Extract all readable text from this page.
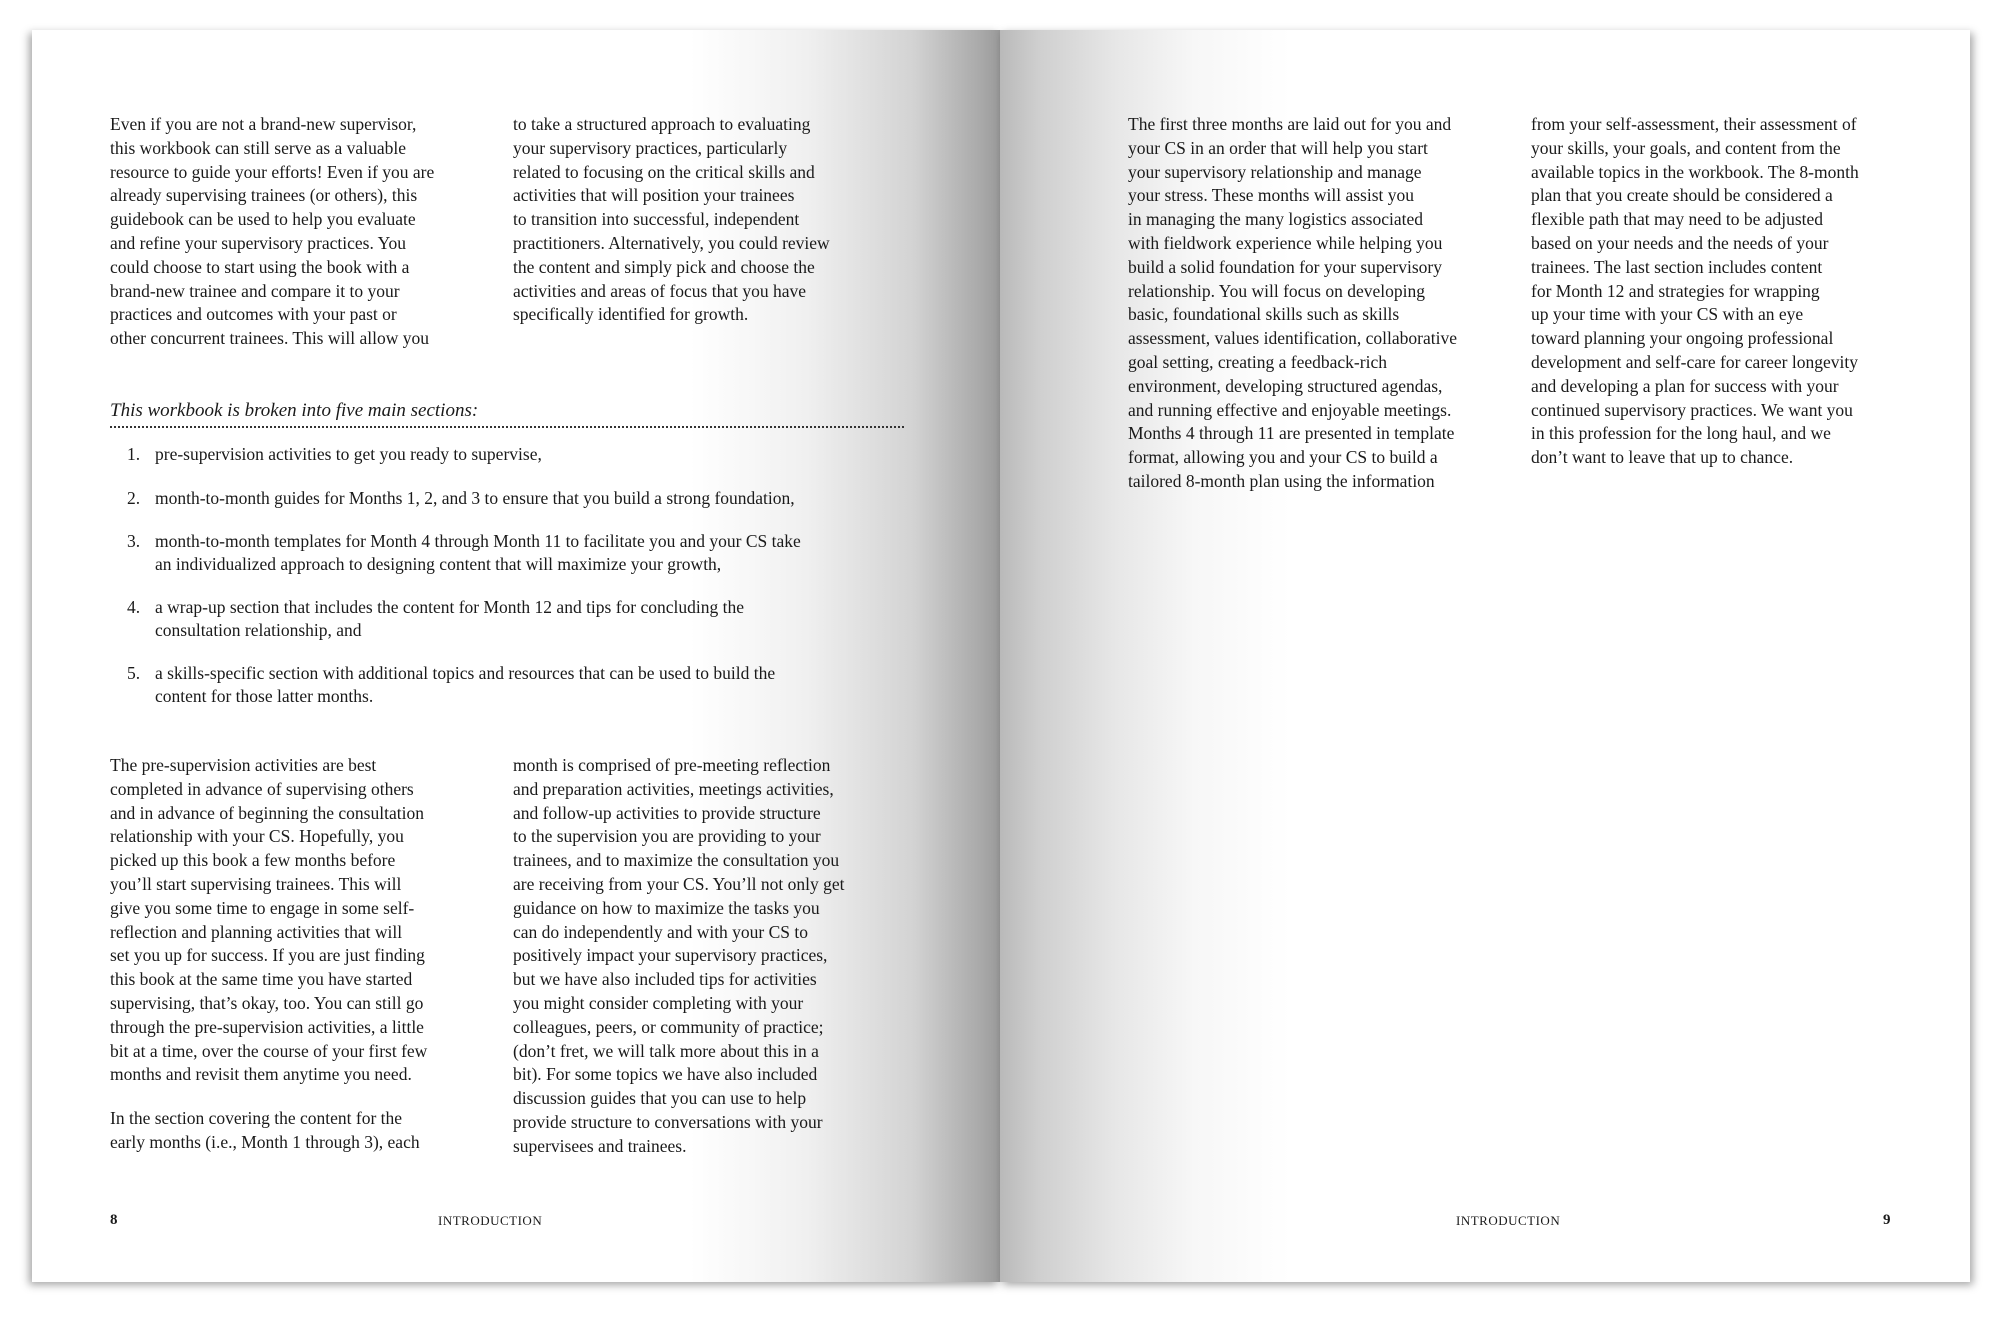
Even if you are not a brand-new supervisor,
this workbook can still serve as a valuable
resource to guide your efforts! Even if you are
already supervising trainees (or others), this
guidebook can be used to help you evaluate
and refine your supervisory practices. You
could choose to start using the book with a
brand-new trainee and compare it to your
practices and outcomes with your past or
other concurrent trainees. This will allow you

to take a structured approach to evaluating
your supervisory practices, particularly
related to focusing on the critical skills and
activities that will position your trainees
to transition into successful, independent
practitioners. Alternatively, you could review
the content and simply pick and choose the
activities and areas of focus that you have
specifically identified for growth.

This workbook is broken into five main sections:
1. pre-supervision activities to get you ready to supervise,
2. month-to-month guides for Months 1, 2, and 3 to ensure that you build a strong foundation,
3. month-to-month templates for Month 4 through Month 11 to facilitate you and your CS take
an individualized approach to designing content that will maximize your growth,
4. a wrap-up section that includes the content for Month 12 and tips for concluding the
consultation relationship, and
5. a skills-specific section with additional topics and resources that can be used to build the
content for those latter months.

The pre-supervision activities are best
completed in advance of supervising others
and in advance of beginning the consultation
relationship with your CS. Hopefully, you
picked up this book a few months before
you’ll start supervising trainees. This will
give you some time to engage in some self-
reflection and planning activities that will
set you up for success. If you are just finding
this book at the same time you have started
supervising, that’s okay, too. You can still go
through the pre-supervision activities, a little
bit at a time, over the course of your first few
months and revisit them anytime you need.

In the section covering the content for the
early months (i.e., Month 1 through 3), each

month is comprised of pre-meeting reflection
and preparation activities, meetings activities,
and follow-up activities to provide structure
to the supervision you are providing to your
trainees, and to maximize the consultation you
are receiving from your CS. You’ll not only get
guidance on how to maximize the tasks you
can do independently and with your CS to
positively impact your supervisory practices,
but we have also included tips for activities
you might consider completing with your
colleagues, peers, or community of practice;
(don’t fret, we will talk more about this in a
bit). For some topics we have also included
discussion guides that you can use to help
provide structure to conversations with your
supervisees and trainees.

8	INTRODUCTION

The first three months are laid out for you and
your CS in an order that will help you start
your supervisory relationship and manage
your stress. These months will assist you
in managing the many logistics associated
with fieldwork experience while helping you
build a solid foundation for your supervisory
relationship. You will focus on developing
basic, foundational skills such as skills
assessment, values identification, collaborative
goal setting, creating a feedback-rich
environment, developing structured agendas,
and running effective and enjoyable meetings.
Months 4 through 11 are presented in template
format, allowing you and your CS to build a
tailored 8-month plan using the information

from your self-assessment, their assessment of
your skills, your goals, and content from the
available topics in the workbook. The 8-month
plan that you create should be considered a
flexible path that may need to be adjusted
based on your needs and the needs of your
trainees. The last section includes content
for Month 12 and strategies for wrapping
up your time with your CS with an eye
toward planning your ongoing professional
development and self-care for career longevity
and developing a plan for success with your
continued supervisory practices. We want you
in this profession for the long haul, and we
don’t want to leave that up to chance.

INTRODUCTION	9
